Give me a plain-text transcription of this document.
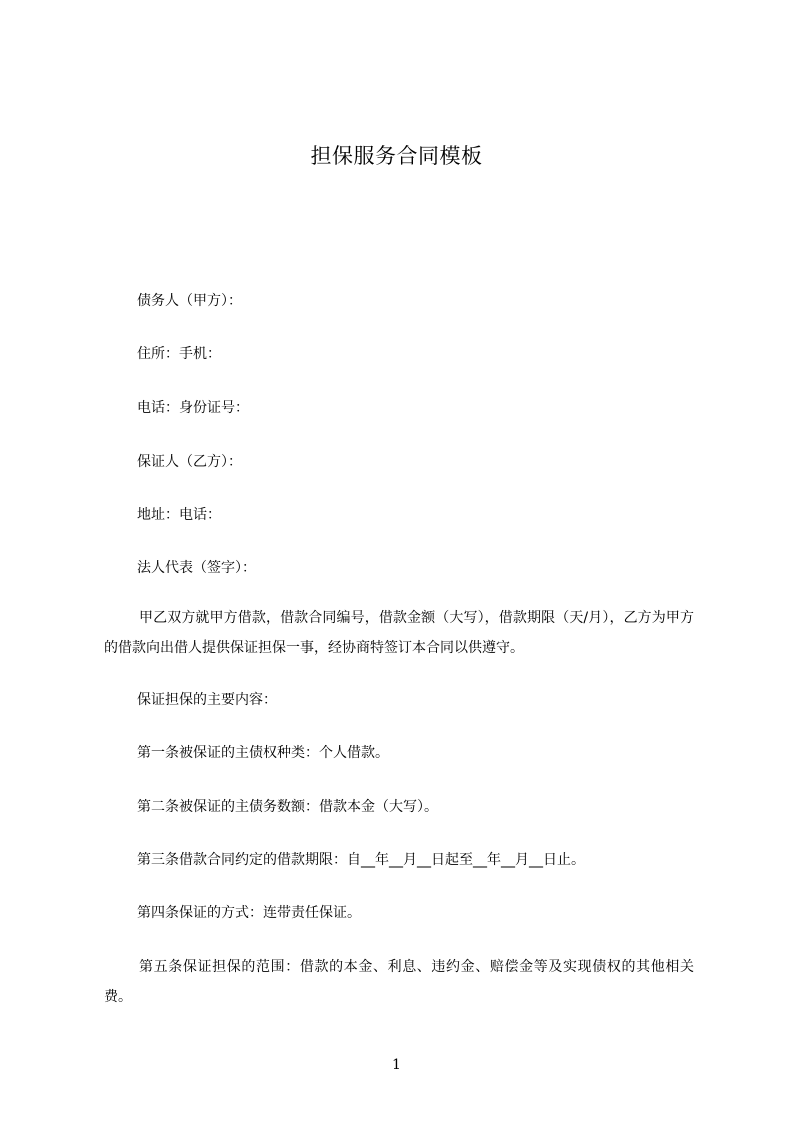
担保服务合同模板
债务人（甲方）：
住所：手机：
电话：身份证号：
保证人（乙方）：
地址：电话：
法人代表（签字）：
甲乙双方就甲方借款，借款合同编号，借款金额（大写），借款期限（天/月），乙方为甲方的借款向出借人提供保证担保一事，经协商特签订本合同以供遵守。
保证担保的主要内容：
第一条被保证的主债权种类：个人借款。
第二条被保证的主债务数额：借款本金（大写）。
第三条借款合同约定的借款期限：自__年__月__日起至__年__月__日止。
第四条保证的方式：连带责任保证。
第五条保证担保的范围：借款的本金、利息、违约金、赔偿金等及实现债权的其他相关费。
1
